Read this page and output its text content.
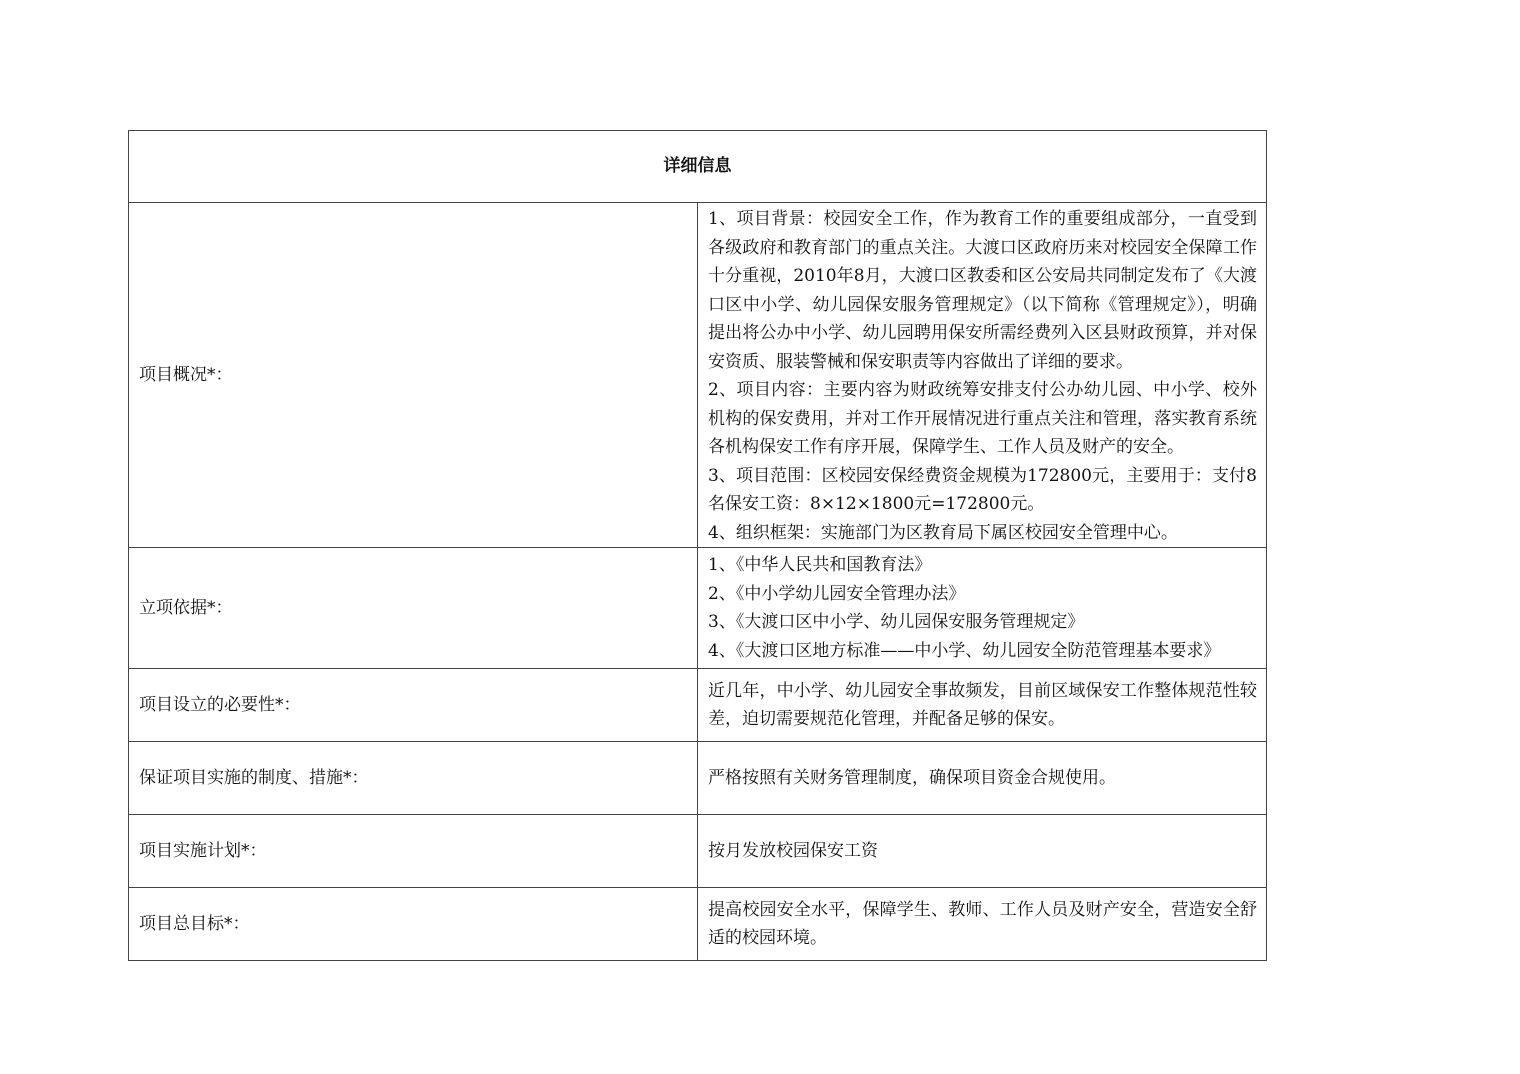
详细信息	
项目概况*：	1、项目背景：校园安全工作，作为教育工作的重要组成部分，一直受到各级政府和教育部门的重点关注。大渡口区政府历来对校园安全保障工作十分重视，2010年8月，大渡口区教委和区公安局共同制定发布了《大渡口区中小学、幼儿园保安服务管理规定》（以下简称《管理规定》），明确提出将公办中小学、幼儿园聘用保安所需经费列入区县财政预算，并对保安资质、服装警械和保安职责等内容做出了详细的要求。
2、项目内容：主要内容为财政统筹安排支付公办幼儿园、中小学、校外机构的保安费用，并对工作开展情况进行重点关注和管理，落实教育系统各机构保安工作有序开展，保障学生、工作人员及财产的安全。
3、项目范围：区校园安保经费资金规模为172800元，主要用于：支付8名保安工资：8×12×1800元=172800元。
4、组织框架：实施部门为区教育局下属区校园安全管理中心。

立项依据*：	1、《中华人民共和国教育法》
2、《中小学幼儿园安全管理办法》
3、《大渡口区中小学、幼儿园保安服务管理规定》
4、《大渡口区地方标准——中小学、幼儿园安全防范管理基本要求》

项目设立的必要性*：	近几年，中小学、幼儿园安全事故频发，目前区域保安工作整体规范性较差，迫切需要规范化管理，并配备足够的保安。

保证项目实施的制度、措施*：	严格按照有关财务管理制度，确保项目资金合规使用。

项目实施计划*：	按月发放校园保安工资

项目总目标*：	提高校园安全水平，保障学生、教师、工作人员及财产安全，营造安全舒适的校园环境。
